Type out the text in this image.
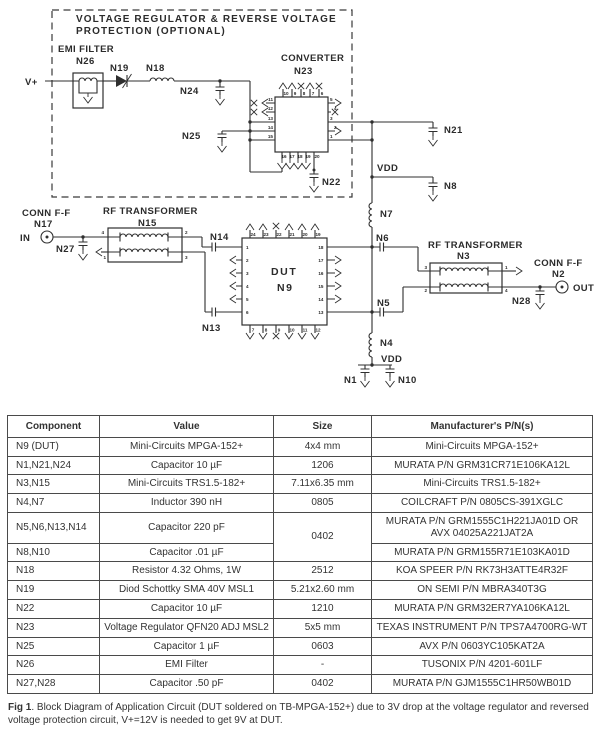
VOLTAGE REGULATOR & REVERSE VOLTAGE
PROTECTION (OPTIONAL)
V+
EMI FILTER
N26
N19 N18
N24
N25
CONVERTER
N23
10 9 8 7 6
11
12
13
14
15
5
4
3
2
1
16 17 18 19 20
N22
N21
VDD
N8
N7
CONN F-F
N17
IN
N27
RF TRANSFORMER
N15
4	2
1	3
N14
N13
DUT
N9
24 23 22 21 20 19
7 8 9 10 11 12
1
2
3
4
5
6
18
17
16
15
14
13
N6
N5
N4
VDD
N1	N10
RF TRANSFORMER
N3
3	1
2	4
N28
CONN F-F
N2
OUT
Component	Value	Size	Manufacturer's P/N(s)
N9 (DUT)	Mini-Circuits MPGA-152+	4x4 mm	Mini-Circuits MPGA-152+
N1,N21,N24	Capacitor 10 µF	1206	MURATA P/N GRM31CR71E106KA12L
N3,N15	Mini-Circuits TRS1.5-182+	7.11x6.35 mm	Mini-Circuits TRS1.5-182+
N4,N7	Inductor 390 nH	0805	COILCRAFT P/N 0805CS-391XGLC
N5,N6,N13,N14	Capacitor 220 pF	0402	MURATA P/N GRM1555C1H221JA01D OR AVX 04025A221JAT2A
N8,N10	Capacitor .01 µF		MURATA P/N GRM155R71E103KA01D
N18	Resistor 4.32 Ohms, 1W	2512	KOA SPEER P/N RK73H3ATTE4R32F
N19	Diod Schottky SMA 40V MSL1	5.21x2.60 mm	ON SEMI P/N MBRA340T3G
N22	Capacitor 10 µF	1210	MURATA P/N GRM32ER7YA106KA12L
N23	Voltage Regulator QFN20 ADJ MSL2	5x5 mm	TEXAS INSTRUMENT P/N TPS7A4700RG-WT
N25	Capacitor 1 µF	0603	AVX P/N 0603YC105KAT2A
N26	EMI Filter	-	TUSONIX P/N 4201-601LF
N27,N28	Capacitor .50 pF	0402	MURATA P/N GJM1555C1HR50WB01D

Fig 1. Block Diagram of Application Circuit (DUT soldered on TB-MPGA-152+) due to 3V drop at the voltage regulator and reversed voltage protection circuit, V+=12V is needed to get 9V at DUT.
